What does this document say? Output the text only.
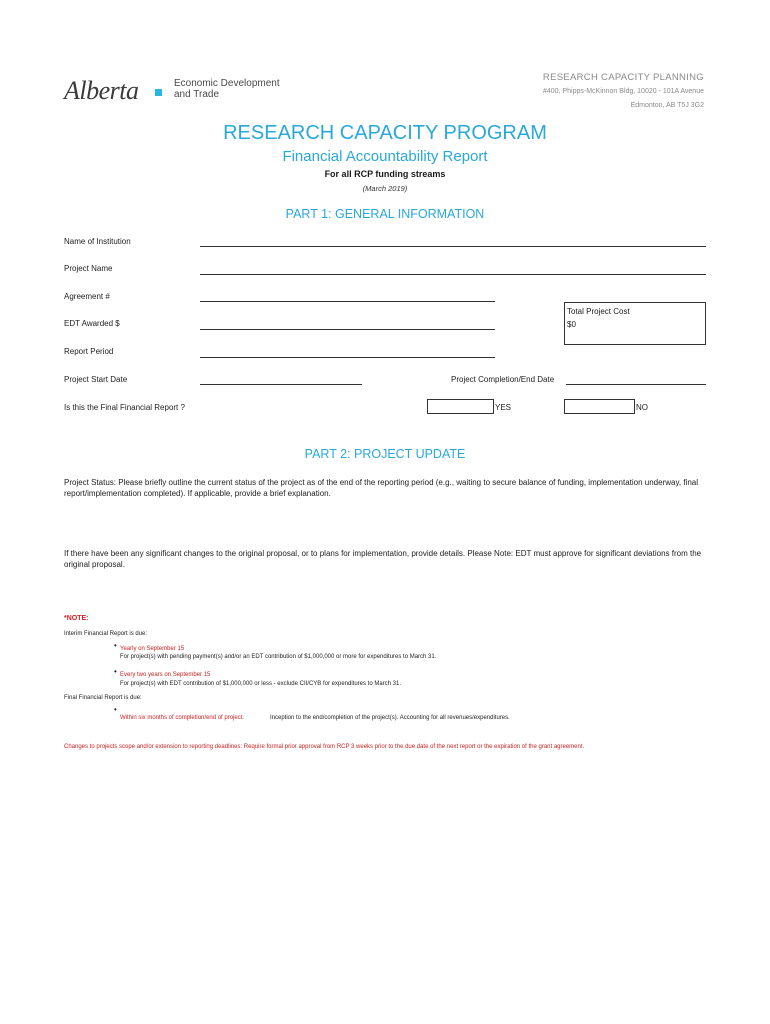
Alberta	Economic Development
and Trade
RESEARCH CAPACITY PLANNING
#400, Phipps-McKinnon Bldg, 10020 - 101A Avenue
Edmonton, AB T5J 3G2
RESEARCH CAPACITY PROGRAM
Financial Accountability Report
For all RCP funding streams
(March 2019)
PART 1: GENERAL INFORMATION
Name of Institution
Project Name
Agreement #
Total Project Cost
$0
EDT Awarded $
Report Period
Project Start Date	Project Completion/End Date
Is this the Final Financial Report ?	YES	NO
PART 2: PROJECT UPDATE
Project Status: Please briefly outline the current status of the project as of the end of the reporting period (e.g., waiting to secure balance of funding, implementation underway, final report/implementation completed). If applicable, provide a brief explanation.
If there have been any significant changes to the original proposal, or to plans for implementation, provide details. Please Note: EDT must approve for significant deviations from the original proposal.
*NOTE:
Interim Financial Report is due:
• Yearly on September 15
For project(s) with pending payment(s) and/or an EDT contribution of $1,000,000 or more for expenditures to March 31.
• Every two years on September 15
For project(s) with EDT contribution of $1,000,000 or less - exclude CII/CYB for expenditures to March 31.
Final Financial Report is due:
•
Within six months of completion/end of project.	Inception to the end/completion of the project(s). Accounting for all revenues/expenditures.
Changes to projects scope and/or extension to reporting deadlines: Require formal prior approval from RCP 3 weeks prior to the due date of the next report or the expiration of the grant agreement.
